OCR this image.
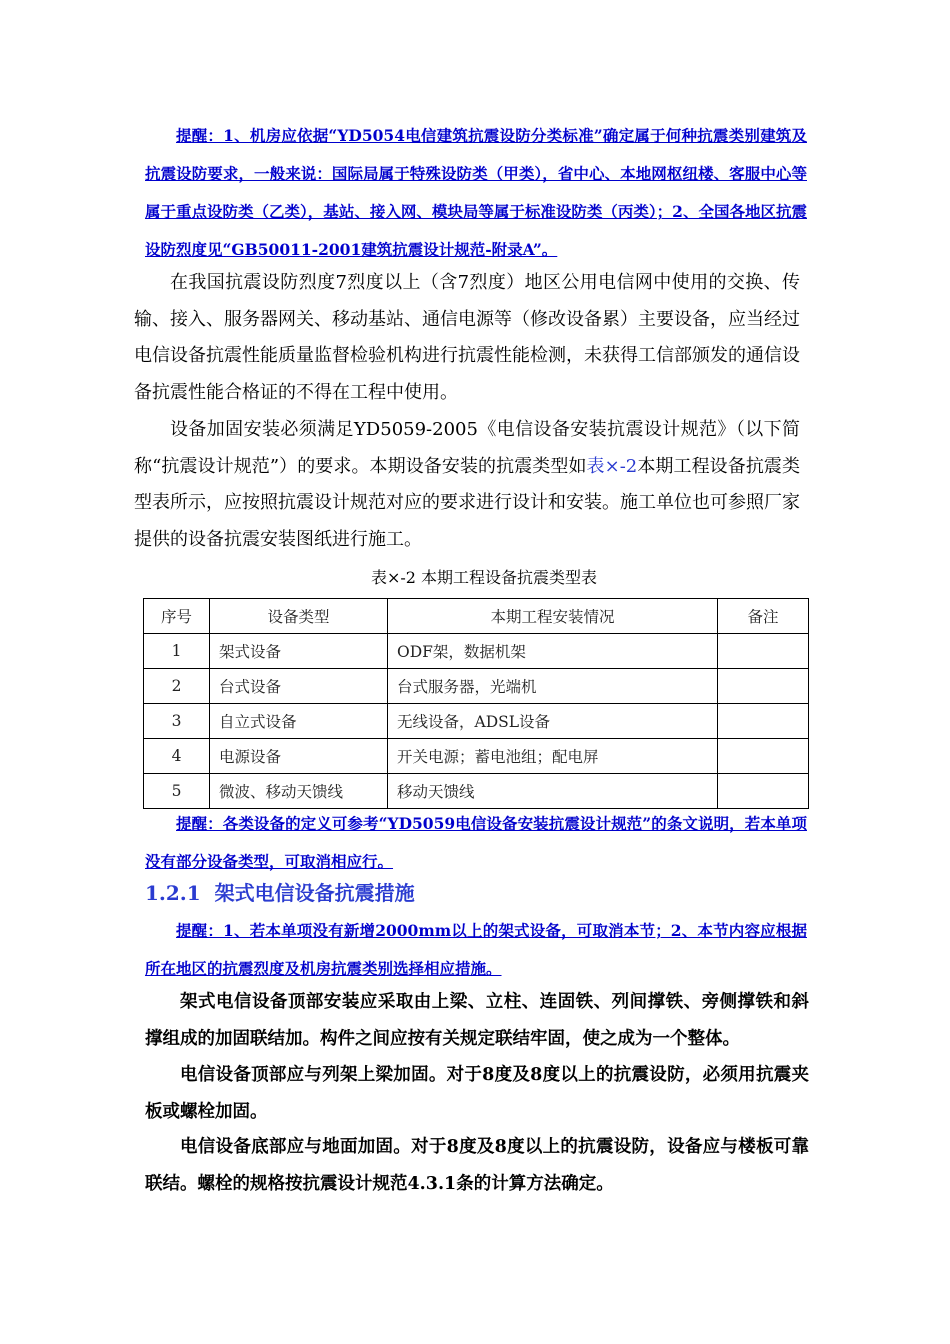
提醒：1、机房应依据“YD5054电信建筑抗震设防分类标准”确定属于何种抗震类别建筑及抗震设防要求，一般来说：国际局属于特殊设防类（甲类），省中心、本地网枢纽楼、客服中心等属于重点设防类（乙类），基站、接入网、模块局等属于标准设防类（丙类）；2、全国各地区抗震设防烈度见“GB50011-2001建筑抗震设计规范-附录A”。
在我国抗震设防烈度7烈度以上（含7烈度）地区公用电信网中使用的交换、传输、接入、服务器网关、移动基站、通信电源等（修改设备累）主要设备，应当经过电信设备抗震性能质量监督检验机构进行抗震性能检测，未获得工信部颁发的通信设备抗震性能合格证的不得在工程中使用。
设备加固安装必须满足YD5059-2005《电信设备安装抗震设计规范》（以下简称“抗震设计规范”）的要求。本期设备安装的抗震类型如表×-2本期工程设备抗震类型表所示，应按照抗震设计规范对应的要求进行设计和安装。施工单位也可参照厂家提供的设备抗震安装图纸进行施工。
表×-2 本期工程设备抗震类型表
序号	设备类型	本期工程安装情况	备注
1	架式设备	ODF架，数据机架	
2	台式设备	台式服务器，光端机	
3	自立式设备	无线设备，ADSL设备	
4	电源设备	开关电源；蓄电池组；配电屏	
5	微波、移动天馈线	移动天馈线	
提醒：各类设备的定义可参考“YD5059电信设备安装抗震设计规范”的条文说明，若本单项没有部分设备类型，可取消相应行。
1.2.1 架式电信设备抗震措施
提醒：1、若本单项没有新增2000mm以上的架式设备，可取消本节；2、本节内容应根据所在地区的抗震烈度及机房抗震类别选择相应措施。
架式电信设备顶部安装应采取由上梁、立柱、连固铁、列间撑铁、旁侧撑铁和斜撑组成的加固联结加。构件之间应按有关规定联结牢固，使之成为一个整体。
电信设备顶部应与列架上梁加固。对于8度及8度以上的抗震设防，必须用抗震夹板或螺栓加固。
电信设备底部应与地面加固。对于8度及8度以上的抗震设防，设备应与楼板可靠联结。螺栓的规格按抗震设计规范4.3.1条的计算方法确定。
